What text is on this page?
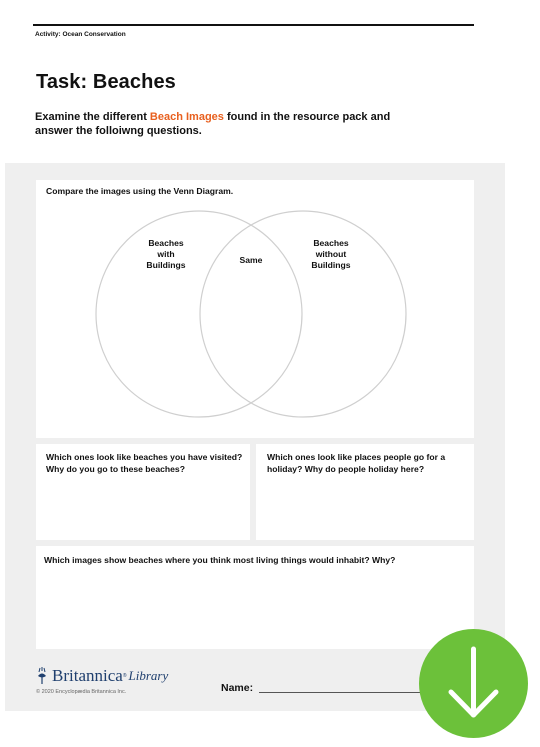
Activity: Ocean Conservation
Task: Beaches
Examine the different Beach Images found in the resource pack and answer the folloiwng questions.
Compare the images using the Venn Diagram.
Which ones look like beaches you have visited? Why do you go to these beaches?
Which ones look like places people go for a holiday? Why do people holiday here?
Which images show beaches where you think most living things would inhabit? Why?
Beaches
with
Buildings	Same
Beaches
without
Buildings
Britannica ® Library
© 2020 Encyclopædia Britannica Inc.	Name:
